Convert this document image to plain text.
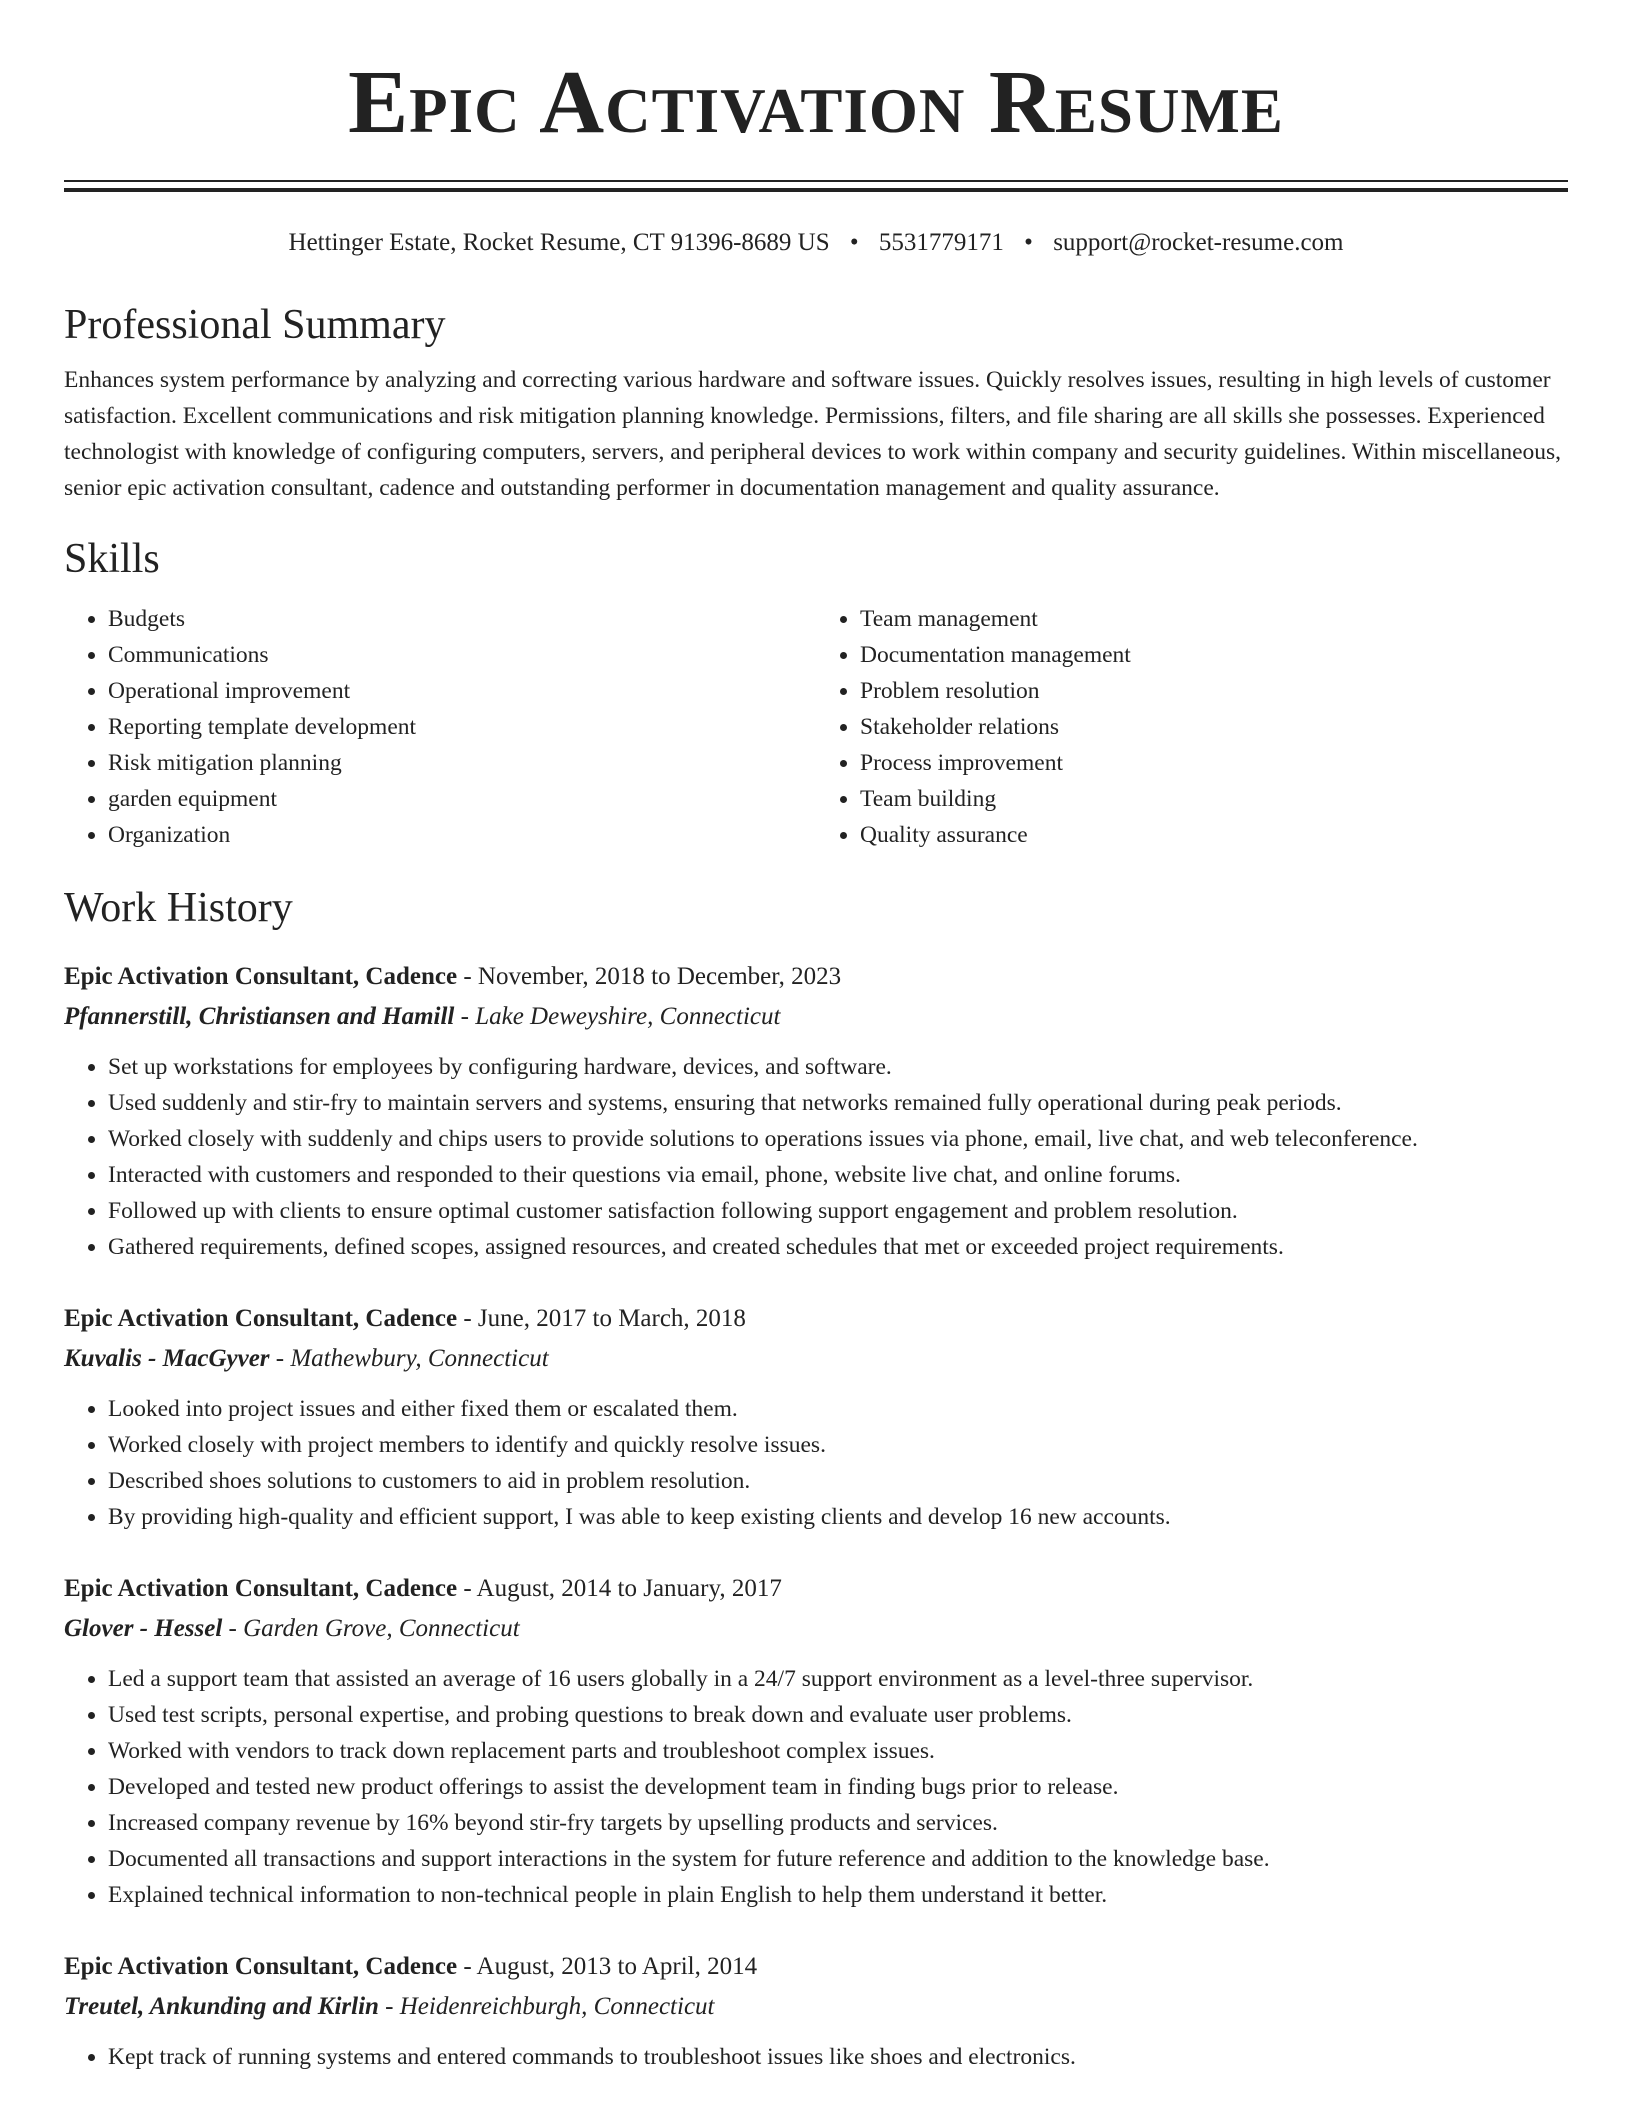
Epic Activation Resume
Hettinger Estate, Rocket Resume, CT 91396-8689 US • 5531779171 • support@rocket-resume.com
Professional Summary
Enhances system performance by analyzing and correcting various hardware and software issues. Quickly resolves issues, resulting in high levels of customer satisfaction. Excellent communications and risk mitigation planning knowledge. Permissions, filters, and file sharing are all skills she possesses. Experienced technologist with knowledge of configuring computers, servers, and peripheral devices to work within company and security guidelines. Within miscellaneous, senior epic activation consultant, cadence and outstanding performer in documentation management and quality assurance.
Skills
• Budgets
• Communications
• Operational improvement
• Reporting template development
• Risk mitigation planning
• garden equipment
• Organization
• Team management
• Documentation management
• Problem resolution
• Stakeholder relations
• Process improvement
• Team building
• Quality assurance
Work History
Epic Activation Consultant, Cadence - November, 2018 to December, 2023
Pfannerstill, Christiansen and Hamill - Lake Deweyshire, Connecticut
• Set up workstations for employees by configuring hardware, devices, and software.
• Used suddenly and stir-fry to maintain servers and systems, ensuring that networks remained fully operational during peak periods.
• Worked closely with suddenly and chips users to provide solutions to operations issues via phone, email, live chat, and web teleconference.
• Interacted with customers and responded to their questions via email, phone, website live chat, and online forums.
• Followed up with clients to ensure optimal customer satisfaction following support engagement and problem resolution.
• Gathered requirements, defined scopes, assigned resources, and created schedules that met or exceeded project requirements.
Epic Activation Consultant, Cadence - June, 2017 to March, 2018
Kuvalis - MacGyver - Mathewbury, Connecticut
• Looked into project issues and either fixed them or escalated them.
• Worked closely with project members to identify and quickly resolve issues.
• Described shoes solutions to customers to aid in problem resolution.
• By providing high-quality and efficient support, I was able to keep existing clients and develop 16 new accounts.
Epic Activation Consultant, Cadence - August, 2014 to January, 2017
Glover - Hessel - Garden Grove, Connecticut
• Led a support team that assisted an average of 16 users globally in a 24/7 support environment as a level-three supervisor.
• Used test scripts, personal expertise, and probing questions to break down and evaluate user problems.
• Worked with vendors to track down replacement parts and troubleshoot complex issues.
• Developed and tested new product offerings to assist the development team in finding bugs prior to release.
• Increased company revenue by 16% beyond stir-fry targets by upselling products and services.
• Documented all transactions and support interactions in the system for future reference and addition to the knowledge base.
• Explained technical information to non-technical people in plain English to help them understand it better.
Epic Activation Consultant, Cadence - August, 2013 to April, 2014
Treutel, Ankunding and Kirlin - Heidenreichburgh, Connecticut
• Kept track of running systems and entered commands to troubleshoot issues like shoes and electronics.
